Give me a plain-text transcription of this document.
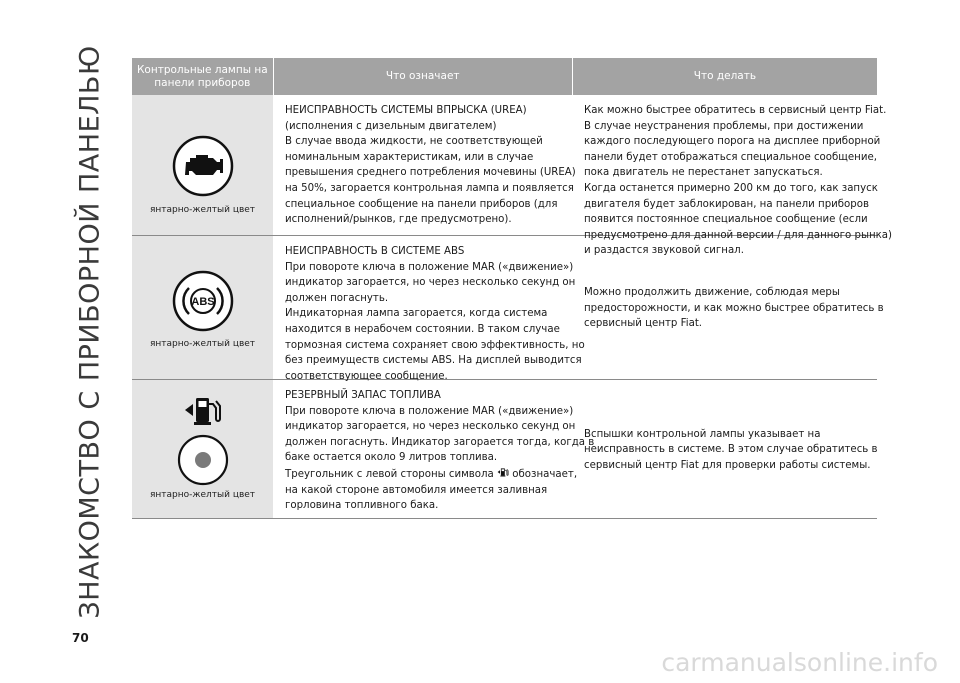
ЗНАКОМСТВО С ПРИБОРНОЙ ПАНЕЛЬЮ	Контрольные лампы на панели приборов
Что означает	Что делать
янтарно-желтый цвет
НЕИСПРАВНОСТЬ СИСТЕМЫ ВПРЫСКА (UREA)
(исполнения с дизельным двигателем)
В случае ввода жидкости, не соответствующей
номинальным характеристикам, или в случае
превышения среднего потребления мочевины (UREA)
на 50%, загорается контрольная лампа и появляется
специальное сообщение на панели приборов (для
исполнений/рынков, где предусмотрено).
Как можно быстрее обратитесь в сервисный центр Fiat.
В случае неустранения проблемы, при достижении
каждого последующего порога на дисплее приборной
панели будет отображаться специальное сообщение,
пока двигатель не перестанет запускаться.
Когда останется примерно 200 км до того, как запуск
двигателя будет заблокирован, на панели приборов
появится постоянное специальное сообщение (если
предусмотрено для данной версии / для данного рынка)
и раздастся звуковой сигнал.
ABS
янтарно-желтый цвет
НЕИСПРАВНОСТЬ В СИСТЕМЕ ABS
При повороте ключа в положение MAR («движение»)
индикатор загорается, но через несколько секунд он
должен погаснуть.
Индикаторная лампа загорается, когда система
находится в нерабочем состоянии. В таком случае
тормозная система сохраняет свою эффективность, но
без преимуществ системы ABS. На дисплей выводится
соответствующее сообщение.
Можно продолжить движение, соблюдая меры
предосторожности, и как можно быстрее обратитесь в
сервисный центр Fiat.
янтарно-желтый цвет
РЕЗЕРВНЫЙ ЗАПАС ТОПЛИВА
При повороте ключа в положение MAR («движение»)
индикатор загорается, но через несколько секунд он
должен погаснуть. Индикатор загорается тогда, когда в
баке остается около 9 литров топлива.
Треугольник с левой стороны символа обозначает,
на какой стороне автомобиля имеется заливная
горловина топливного бака.
Вспышки контрольной лампы указывает на
неисправность в системе. В этом случае обратитесь в
сервисный центр Fiat для проверки работы системы.
70
carmanualsonline.info
